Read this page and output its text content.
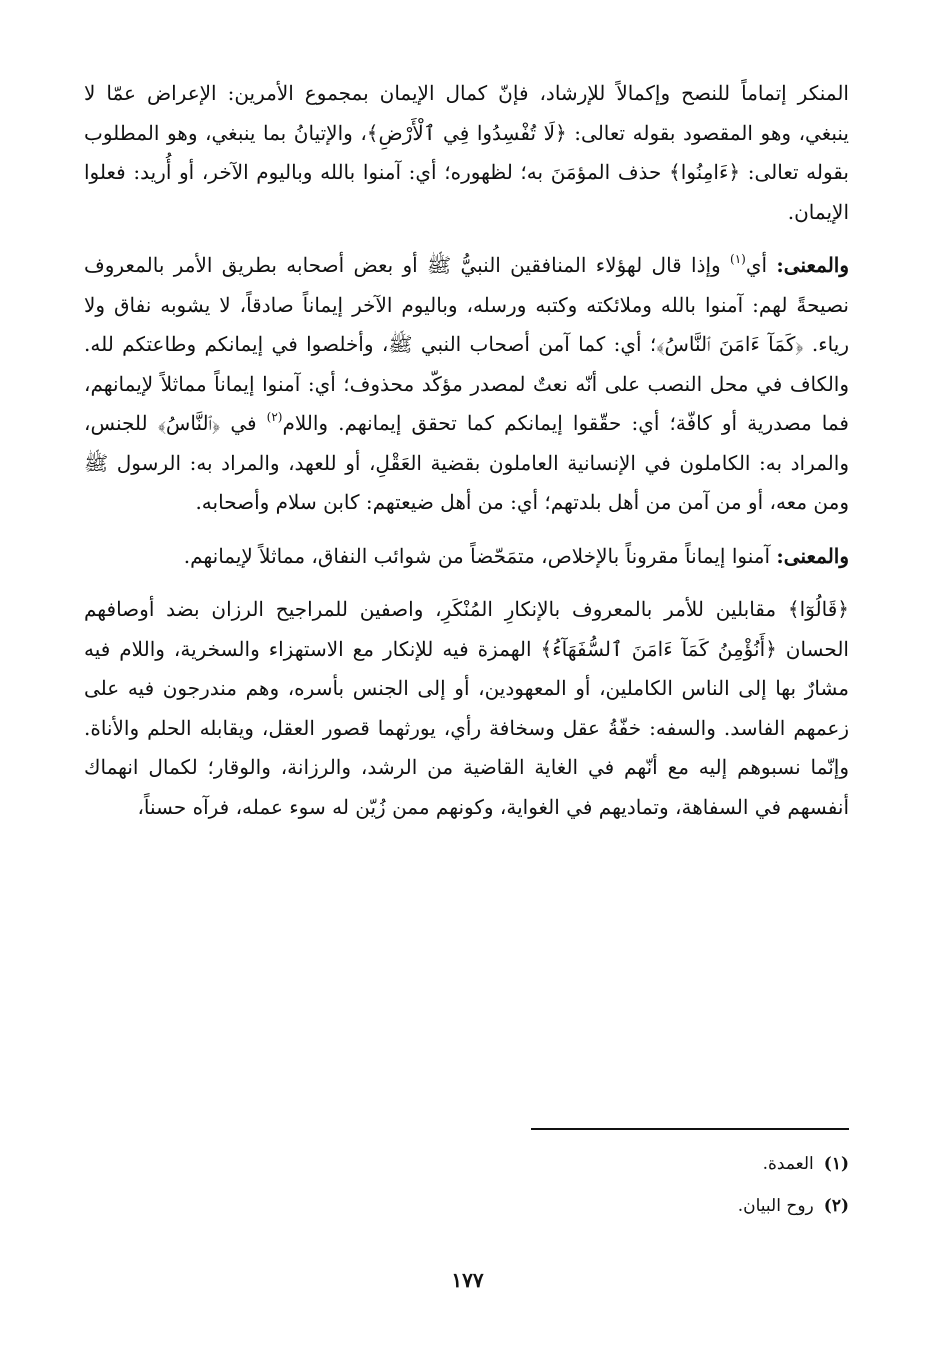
المنكر إتماماً للنصح وإكمالاً للإرشاد، فإنّ كمال الإيمان بمجموع الأمرين: الإعراض عمّا لا ينبغي، وهو المقصود بقوله تعالى: ﴿لَا تُفْسِدُوا فِي ٱلْأَرْضِ﴾، والإتيانُ بما ينبغي، وهو المطلوب بقوله تعالى: ﴿ءَامِنُوا﴾ حذف المؤمَنَ به؛ لظهوره؛ أي: آمنوا بالله وباليوم الآخر، أو أُريد: فعلوا الإيمان.

والمعنى: أي$^{(١)}$ وإذا قال لهؤلاء المنافقين النبيُّ ﷺ أو بعض أصحابه بطريق الأمر بالمعروف نصيحةً لهم: آمنوا بالله وملائكته وكتبه ورسله، وباليوم الآخر إيماناً صادقاً، لا يشوبه نفاق ولا رياء. ﴿كَمَآ ءَامَنَ ٱلنَّاسُ﴾؛ أي: كما آمن أصحاب النبي ﷺ، وأخلصوا في إيمانكم وطاعتكم لله. والكاف في محل النصب على أنّه نعتٌ لمصدر مؤكّد محذوف؛ أي: آمنوا إيماناً مماثلاً لإيمانهم، فما مصدرية أو كافّة؛ أي: حقّقوا إيمانكم كما تحقق إيمانهم. واللام$^{(٢)}$ في ﴿ٱلنَّاسُ﴾ للجنس، والمراد به: الكاملون في الإنسانية العاملون بقضية العَقْلِ، أو للعهد، والمراد به: الرسول ﷺ ومن معه، أو من آمن من أهل بلدتهم؛ أي: من أهل ضيعتهم: كابن سلام وأصحابه.

والمعنى: آمنوا إيماناً مقروناً بالإخلاص، متمَحّضاً من شوائب النفاق، مماثلاً لإيمانهم.

﴿قَالُوٓا﴾ مقابلين للأمر بالمعروف بالإنكارِ المُنْكَرِ، واصفين للمراجيح الرزان بضد أوصافهم الحسان ﴿أَنُؤْمِنُ كَمَآ ءَامَنَ ٱلسُّفَهَآءُ﴾ الهمزة فيه للإنكار مع الاستهزاء والسخرية، واللام فيه مشارٌ بها إلى الناس الكاملين، أو المعهودين، أو إلى الجنس بأسره، وهم مندرجون فيه على زعمهم الفاسد. والسفه: خفّةُ عقل وسخافة رأي، يورثهما قصور العقل، ويقابله الحلم والأناة. وإنّما نسبوهم إليه مع أنّهم في الغاية القاضية من الرشد، والرزانة، والوقار؛ لكمال انهماك أنفسهم في السفاهة، وتماديهم في الغواية، وكونهم ممن زُيّن له سوء عمله، فرآه حسناً،

(١)العمدة.

(٢)روح البيان.

١٧٧
